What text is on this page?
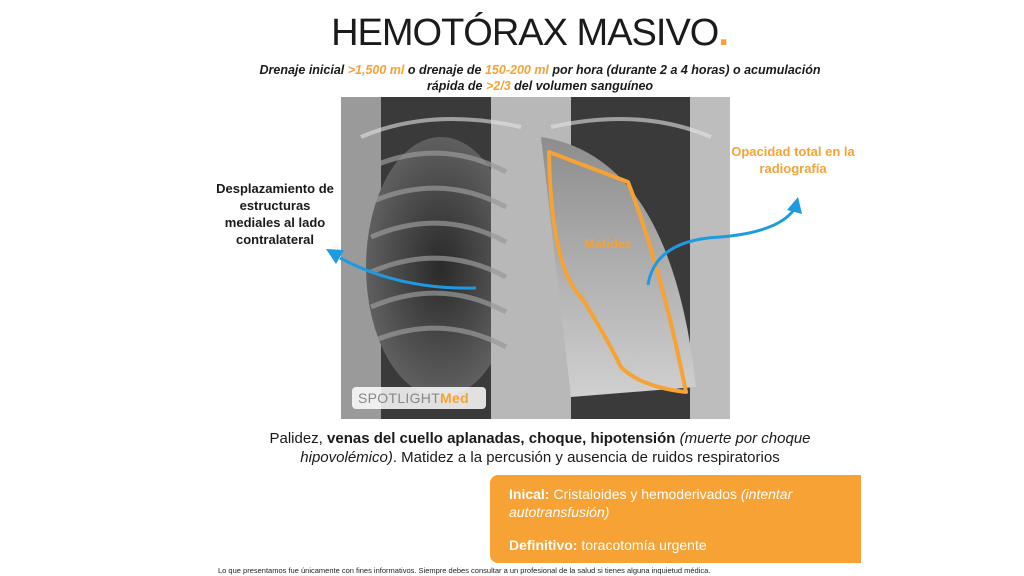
HEMOTÓRAX MASIVO.
Drenaje inicial >1,500 ml o drenaje de 150-200 ml por hora (durante 2 a 4 horas) o acumulación rápida de >2/3 del volumen sanguíneo
SPOTLIGHTMed
Desplazamiento de estructuras mediales al lado contralateral
Opacidad total en la radiografía
Matidez
Palidez, venas del cuello aplanadas, choque, hipotensión (muerte por choque hipovolémico). Matidez a la percusión y ausencia de ruidos respiratorios
Inical: Cristaloides y hemoderivados (intentar autotransfusión)
Definitivo: toracotomía urgente
Lo que presentamos fue únicamente con fines informativos. Siempre debes consultar a un profesional de la salud si tienes alguna inquietud médica.
